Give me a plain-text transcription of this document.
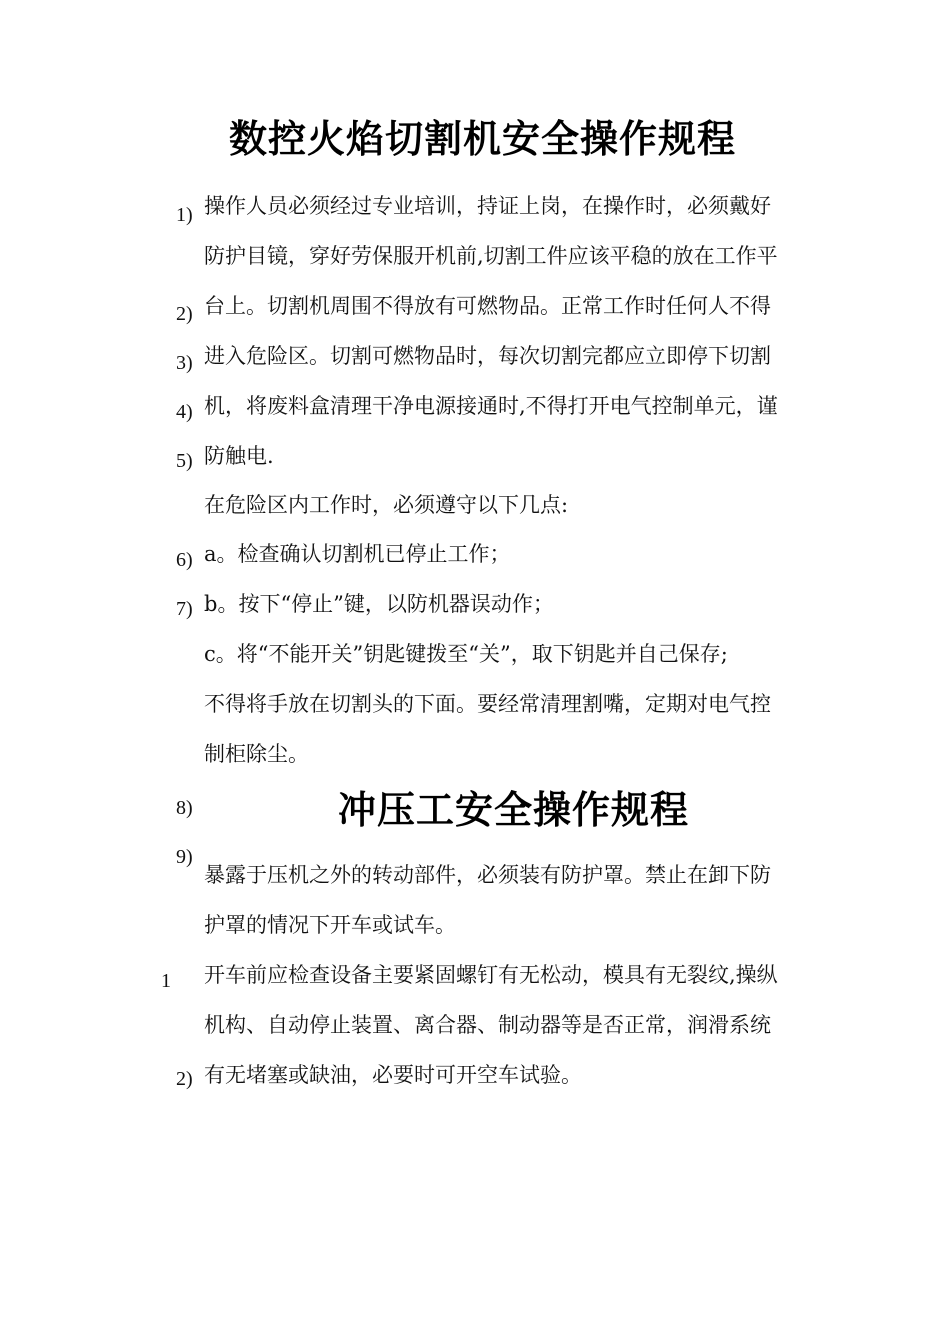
数控火焰切割机安全操作规程
1)
2)
3)
4)
5)
6)
7)
8)
9)
1
2)
操作人员必须经过专业培训，持证上岗，在操作时，必须戴好
防护目镜，穿好劳保服开机前,切割工件应该平稳的放在工作平
台上。切割机周围不得放有可燃物品。正常工作时任何人不得
进入危险区。切割可燃物品时，每次切割完都应立即停下切割
机，将废料盒清理干净电源接通时,不得打开电气控制单元，谨
防触电.
在危险区内工作时，必须遵守以下几点:
a。检查确认切割机已停止工作；
b。按下“停止”键，以防机器误动作；
c。将“不能开关”钥匙键拨至“关”，取下钥匙并自己保存;
不得将手放在切割头的下面。要经常清理割嘴，定期对电气控
制柜除尘。
冲压工安全操作规程
暴露于压机之外的转动部件，必须装有防护罩。禁止在卸下防
护罩的情况下开车或试车。
开车前应检查设备主要紧固螺钉有无松动，模具有无裂纹,操纵
机构、自动停止装置、离合器、制动器等是否正常，润滑系统
有无堵塞或缺油，必要时可开空车试验。
